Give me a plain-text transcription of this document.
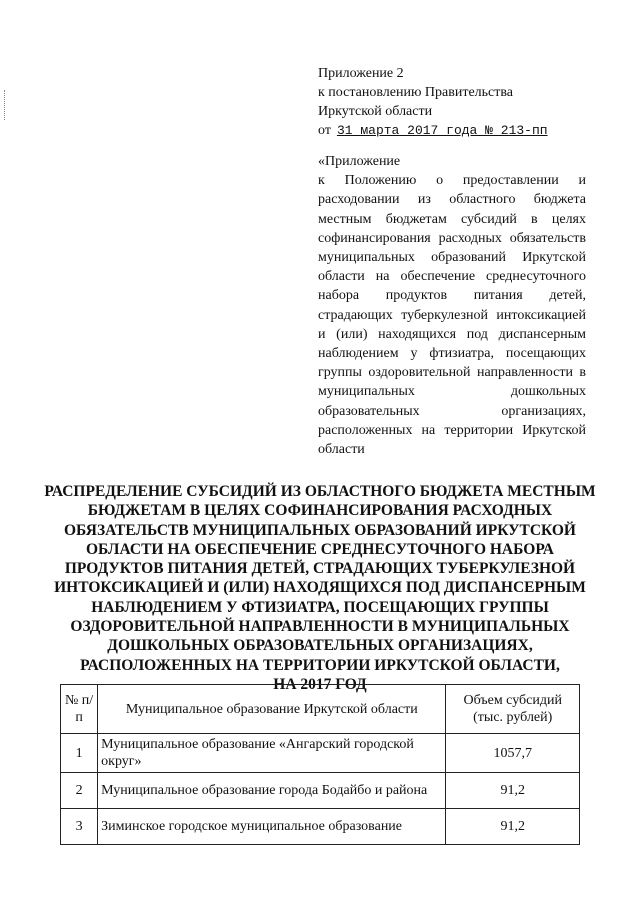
Приложение 2
к постановлению Правительства
Иркутской области
от 31 марта 2017 года № 213-пп
«Приложение
к Положению о предоставлении и расходовании из областного бюджета местным бюджетам субсидий в целях софинансирования расходных обязательств муниципальных образований Иркутской области на обеспечение среднесуточного набора продуктов питания детей, страдающих туберкулезной интоксикацией и (или) находящихся под диспансерным наблюдением у фтизиатра, посещающих группы оздоровительной направленности в муниципальных дошкольных образовательных организациях, расположенных на территории Иркутской области
РАСПРЕДЕЛЕНИЕ СУБСИДИЙ ИЗ ОБЛАСТНОГО БЮДЖЕТА МЕСТНЫМ
БЮДЖЕТАМ В ЦЕЛЯХ СОФИНАНСИРОВАНИЯ РАСХОДНЫХ
ОБЯЗАТЕЛЬСТВ МУНИЦИПАЛЬНЫХ ОБРАЗОВАНИЙ ИРКУТСКОЙ
ОБЛАСТИ НА ОБЕСПЕЧЕНИЕ СРЕДНЕСУТОЧНОГО НАБОРА
ПРОДУКТОВ ПИТАНИЯ ДЕТЕЙ, СТРАДАЮЩИХ ТУБЕРКУЛЕЗНОЙ
ИНТОКСИКАЦИЕЙ И (ИЛИ) НАХОДЯЩИХСЯ ПОД ДИСПАНСЕРНЫМ
НАБЛЮДЕНИЕМ У ФТИЗИАТРА, ПОСЕЩАЮЩИХ ГРУППЫ
ОЗДОРОВИТЕЛЬНОЙ НАПРАВЛЕННОСТИ В МУНИЦИПАЛЬНЫХ
ДОШКОЛЬНЫХ ОБРАЗОВАТЕЛЬНЫХ ОРГАНИЗАЦИЯХ,
РАСПОЛОЖЕННЫХ НА ТЕРРИТОРИИ ИРКУТСКОЙ ОБЛАСТИ,
НА 2017 ГОД
№ п/п	Муниципальное образование Иркутской области	Объем субсидий (тыс. рублей)
1	Муниципальное образование «Ангарский городской округ»	1057,7
2	Муниципальное образование города Бодайбо и района	91,2
3	Зиминское городское муниципальное образование	91,2
